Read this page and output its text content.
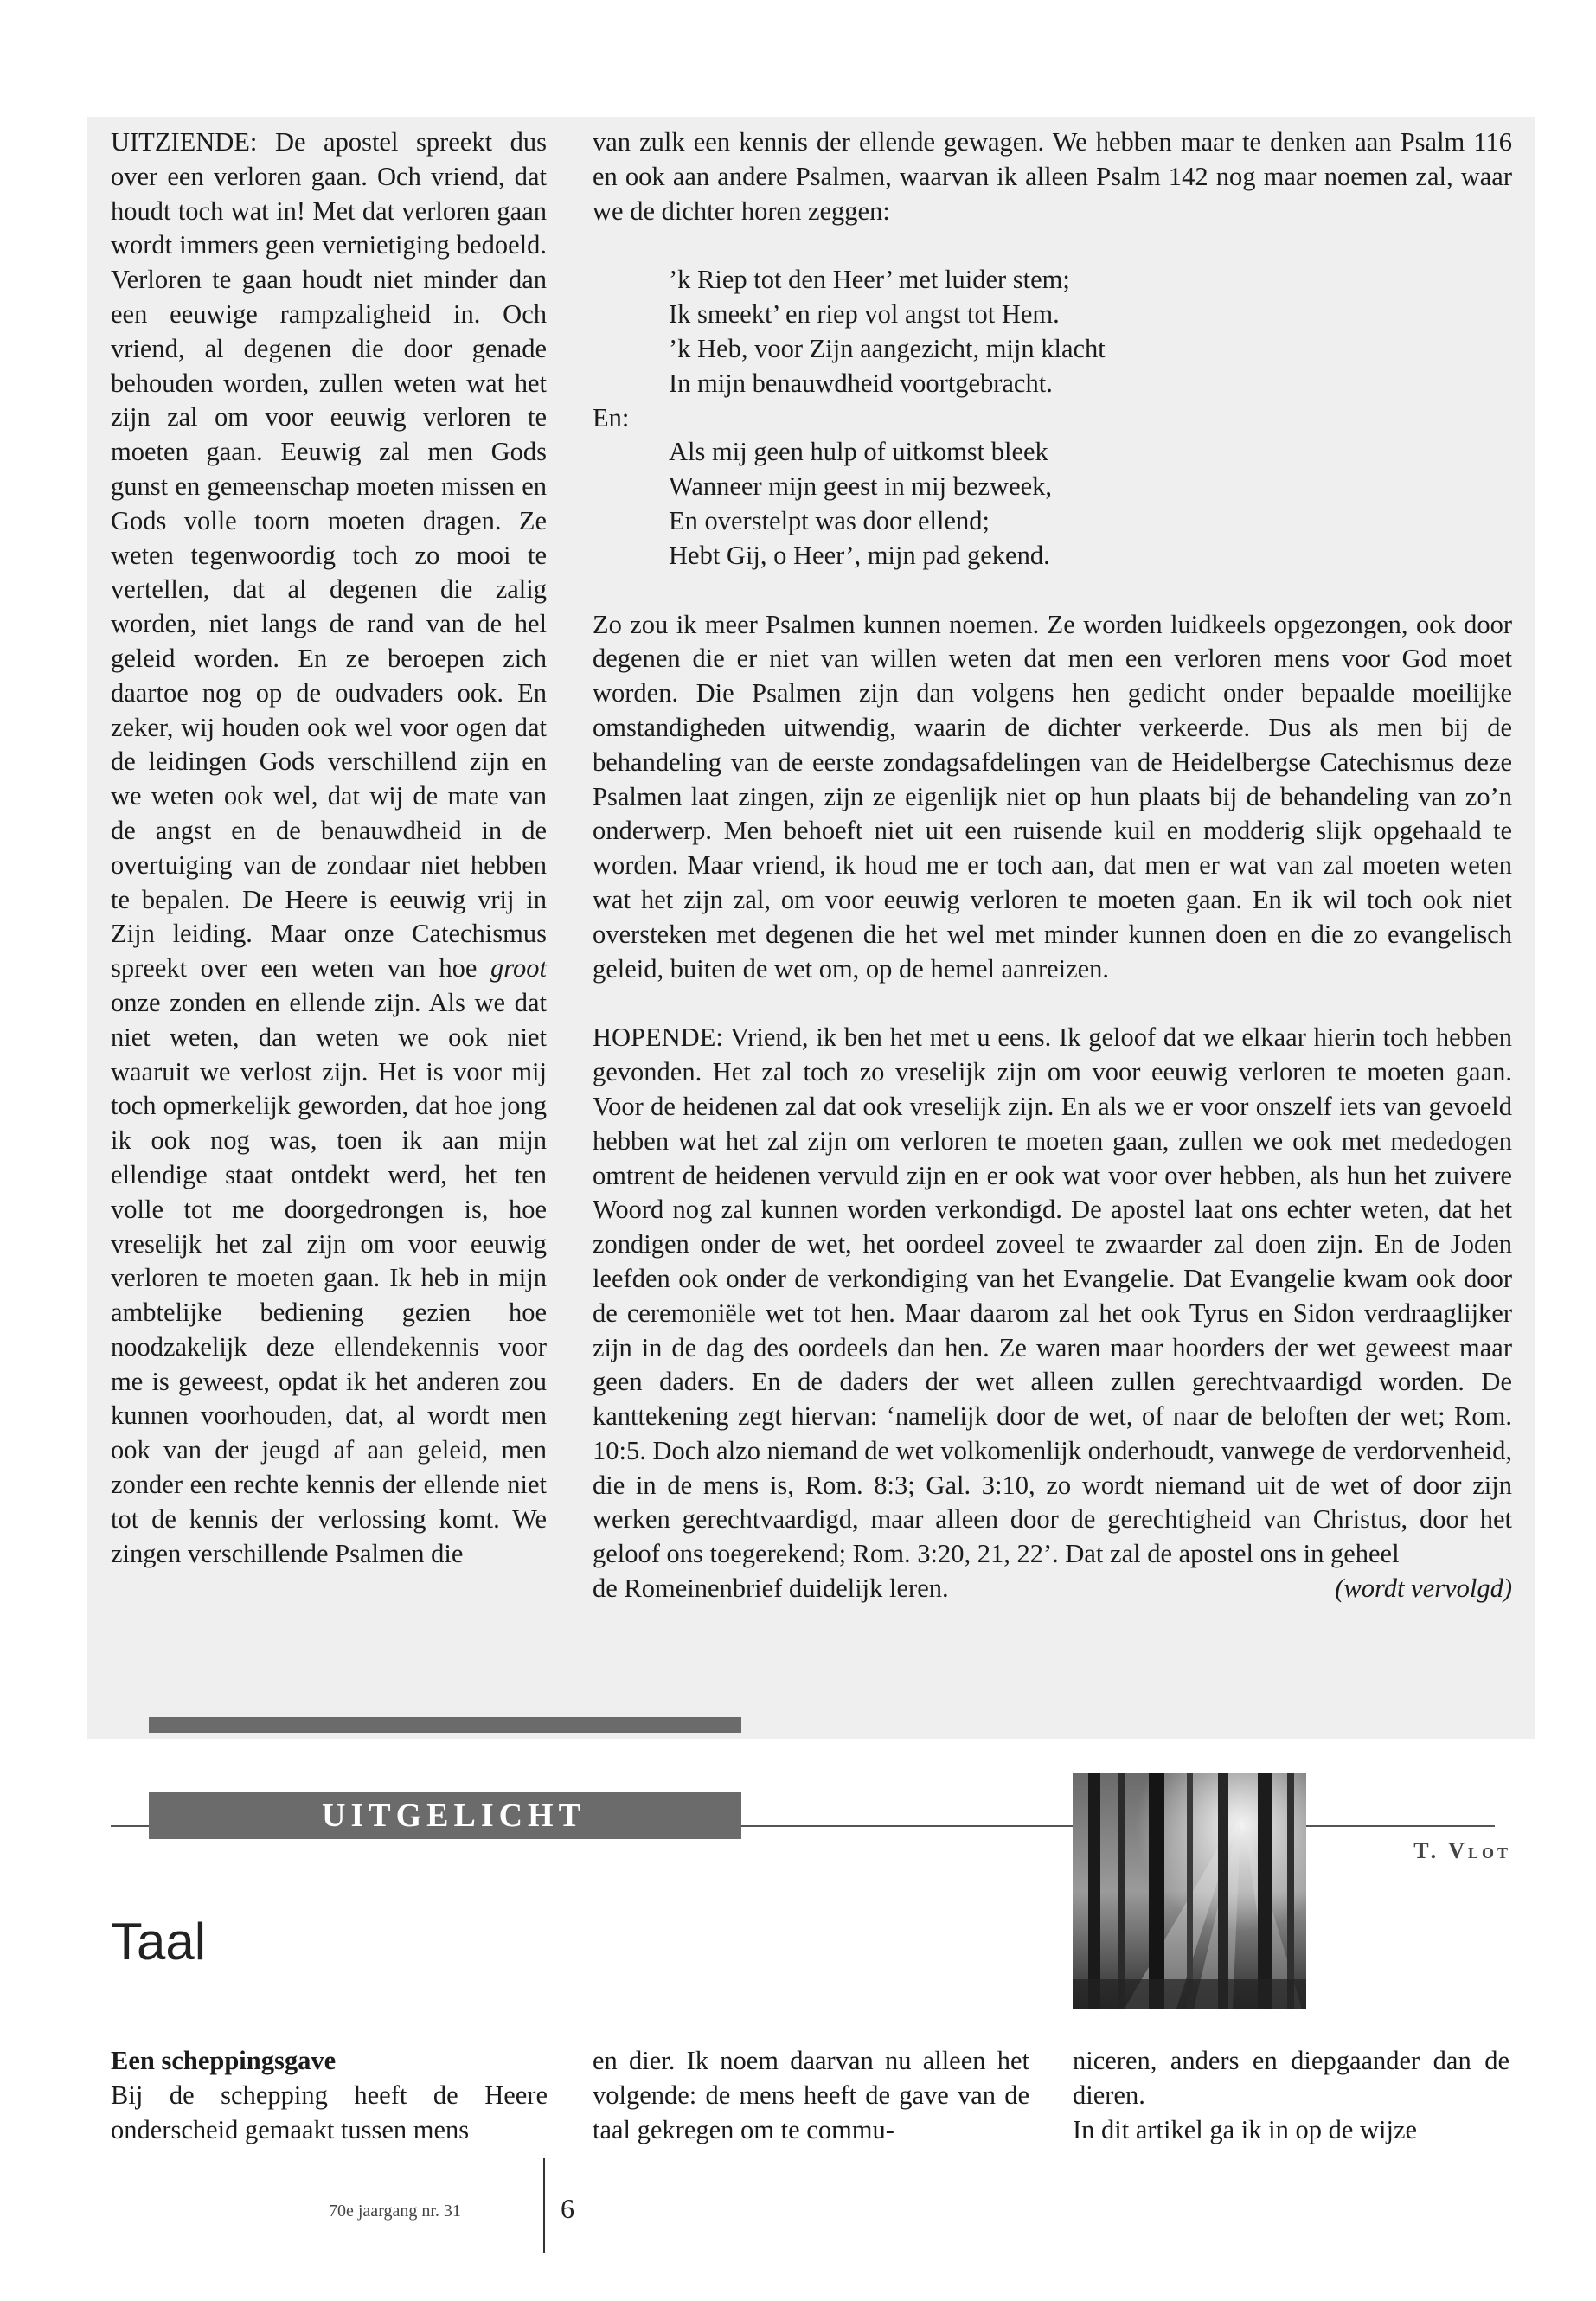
UITZIENDE: De apostel spreekt dus over een verloren gaan. Och vriend, dat houdt toch wat in! Met dat verloren gaan wordt immers geen vernietiging bedoeld. Verloren te gaan houdt niet minder dan een eeuwige rampzaligheid in. Och vriend, al degenen die door genade behouden worden, zullen weten wat het zijn zal om voor eeuwig verloren te moeten gaan. Eeuwig zal men Gods gunst en gemeenschap moeten missen en Gods volle toorn moeten dragen. Ze weten tegenwoordig toch zo mooi te vertellen, dat al degenen die zalig worden, niet langs de rand van de hel geleid worden. En ze beroepen zich daartoe nog op de oudvaders ook. En zeker, wij houden ook wel voor ogen dat de leidingen Gods verschillend zijn en we weten ook wel, dat wij de mate van de angst en de benauwdheid in de overtuiging van de zondaar niet hebben te bepalen. De Heere is eeuwig vrij in Zijn leiding. Maar onze Catechismus spreekt over een weten van hoe groot onze zonden en ellende zijn. Als we dat niet weten, dan weten we ook niet waaruit we verlost zijn. Het is voor mij toch opmerkelijk geworden, dat hoe jong ik ook nog was, toen ik aan mijn ellendige staat ontdekt werd, het ten volle tot me doorgedrongen is, hoe vreselijk het zal zijn om voor eeuwig verloren te moeten gaan. Ik heb in mijn ambtelijke bediening gezien hoe noodzakelijk deze ellendekennis voor me is geweest, opdat ik het anderen zou kunnen voorhouden, dat, al wordt men ook van der jeugd af aan geleid, men zonder een rechte kennis der ellende niet tot de kennis der verlossing komt. We zingen verschillende Psalmen die

van zulk een kennis der ellende gewagen. We hebben maar te denken aan Psalm 116 en ook aan andere Psalmen, waarvan ik alleen Psalm 142 nog maar noemen zal, waar we de dichter horen zeggen:

’k Riep tot den Heer’ met luider stem;
Ik smeekt’ en riep vol angst tot Hem.
’k Heb, voor Zijn aangezicht, mijn klacht
In mijn benauwdheid voortgebracht.

En:

Als mij geen hulp of uitkomst bleek
Wanneer mijn geest in mij bezweek,
En overstelpt was door ellend;
Hebt Gij, o Heer’, mijn pad gekend.

Zo zou ik meer Psalmen kunnen noemen. Ze worden luidkeels opgezongen, ook door degenen die er niet van willen weten dat men een verloren mens voor God moet worden. Die Psalmen zijn dan volgens hen gedicht onder bepaalde moeilijke omstandigheden uitwendig, waarin de dichter verkeerde. Dus als men bij de behandeling van de eerste zondagsafdelingen van de Heidelbergse Catechismus deze Psalmen laat zingen, zijn ze eigenlijk niet op hun plaats bij de behandeling van zo’n onderwerp. Men behoeft niet uit een ruisende kuil en modderig slijk opgehaald te worden. Maar vriend, ik houd me er toch aan, dat men er wat van zal moeten weten wat het zijn zal, om voor eeuwig verloren te moeten gaan. En ik wil toch ook niet oversteken met degenen die het wel met minder kunnen doen en die zo evangelisch geleid, buiten de wet om, op de hemel aanreizen.

HOPENDE: Vriend, ik ben het met u eens. Ik geloof dat we elkaar hierin toch hebben gevonden. Het zal toch zo vreselijk zijn om voor eeuwig verloren te moeten gaan. Voor de heidenen zal dat ook vreselijk zijn. En als we er voor onszelf iets van gevoeld hebben wat het zal zijn om verloren te moeten gaan, zullen we ook met mededogen omtrent de heidenen vervuld zijn en er ook wat voor over hebben, als hun het zuivere Woord nog zal kunnen worden verkondigd. De apostel laat ons echter weten, dat het zondigen onder de wet, het oordeel zoveel te zwaarder zal doen zijn. En de Joden leefden ook onder de verkondiging van het Evangelie. Dat Evangelie kwam ook door de ceremoniële wet tot hen. Maar daarom zal het ook Tyrus en Sidon verdraaglijker zijn in de dag des oordeels dan hen. Ze waren maar hoorders der wet geweest maar geen daders. En de daders der wet alleen zullen gerechtvaardigd worden. De kanttekening zegt hiervan: ‘namelijk door de wet, of naar de beloften der wet; Rom. 10:5. Doch alzo niemand de wet volkomenlijk onderhoudt, vanwege de verdorvenheid, die in de mens is, Rom. 8:3; Gal. 3:10, zo wordt niemand uit de wet of door zijn werken gerechtvaardigd, maar alleen door de gerechtigheid van Christus, door het geloof ons toegerekend; Rom. 3:20, 21, 22’. Dat zal de apostel ons in geheel

de Romeinenbrief duidelijk leren.	(wordt vervolgd)
UITGELICHT
T. Vlot
Taal
Een scheppingsgave
Bij de schepping heeft de Heere onderscheid gemaakt tussen mens
en dier. Ik noem daarvan nu alleen het volgende: de mens heeft de gave van de taal gekregen om te commu-
niceren, anders en diepgaander dan de dieren.
In dit artikel ga ik in op de wijze
70e jaargang nr. 31	6
